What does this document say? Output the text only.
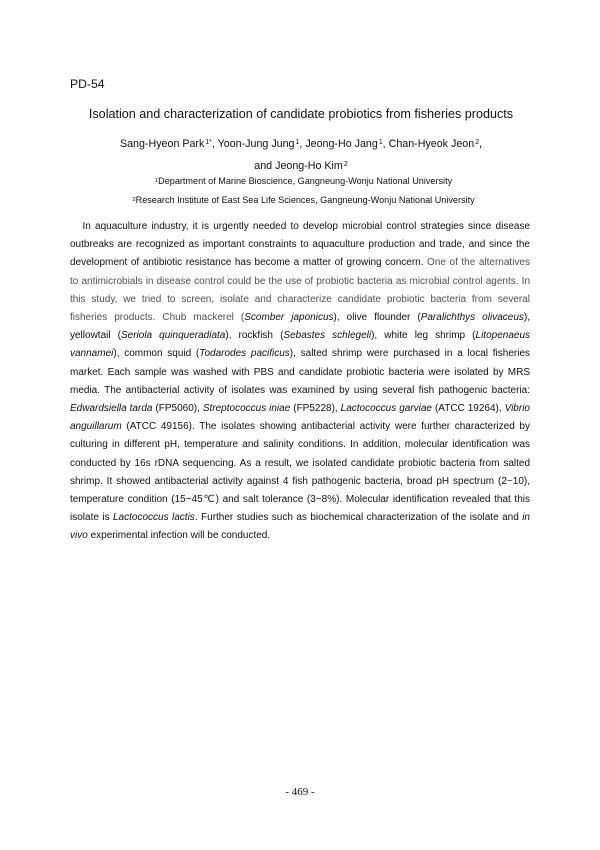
PD-54
Isolation and characterization of candidate probiotics from fisheries products
Sang-Hyeon Park$^{1*}$, Yoon-Jung Jung$^1$, Jeong-Ho Jang$^1$, Chan-Hyeok Jeon$^2$,
and Jeong-Ho Kim$^2$
$^1$Department of Marine Bioscience, Gangneung-Wonju National University
$^2$Research Institute of East Sea Life Sciences, Gangneung-Wonju National University
In aquaculture industry, it is urgently needed to develop microbial control strategies since disease outbreaks are recognized as important constraints to aquaculture production and trade, and since the development of antibiotic resistance has become a matter of growing concern. One of the alternatives to antimicrobials in disease control could be the use of probiotic bacteria as microbial control agents. In this study, we tried to screen, isolate and characterize candidate probiotic bacteria from several fisheries products. Chub mackerel (Scomber japonicus), olive flounder (Paralichthys olivaceus), yellowtail (Seriola quinqueradiata), rockfish (Sebastes schlegeli), white leg shrimp (Litopenaeus vannamei), common squid (Todarodes pacificus), salted shrimp were purchased in a local fisheries market. Each sample was washed with PBS and candidate probiotic bacteria were isolated by MRS media. The antibacterial activity of isolates was examined by using several fish pathogenic bacteria: Edwardsiella tarda (FP5060), Streptococcus iniae (FP5228), Lactococcus garviae (ATCC 19264), Vibrio anguillarum (ATCC 49156). The isolates showing antibacterial activity were further characterized by culturing in different pH, temperature and salinity conditions. In addition, molecular identification was conducted by 16s rDNA sequencing. As a result, we isolated candidate probiotic bacteria from salted shrimp. It showed antibacterial activity against 4 fish pathogenic bacteria, broad pH spectrum (2~10), temperature condition (15~45℃) and salt tolerance (3~8%). Molecular identification revealed that this isolate is Lactococcus lactis. Further studies such as biochemical characterization of the isolate and in vivo experimental infection will be conducted.
- 469 -
